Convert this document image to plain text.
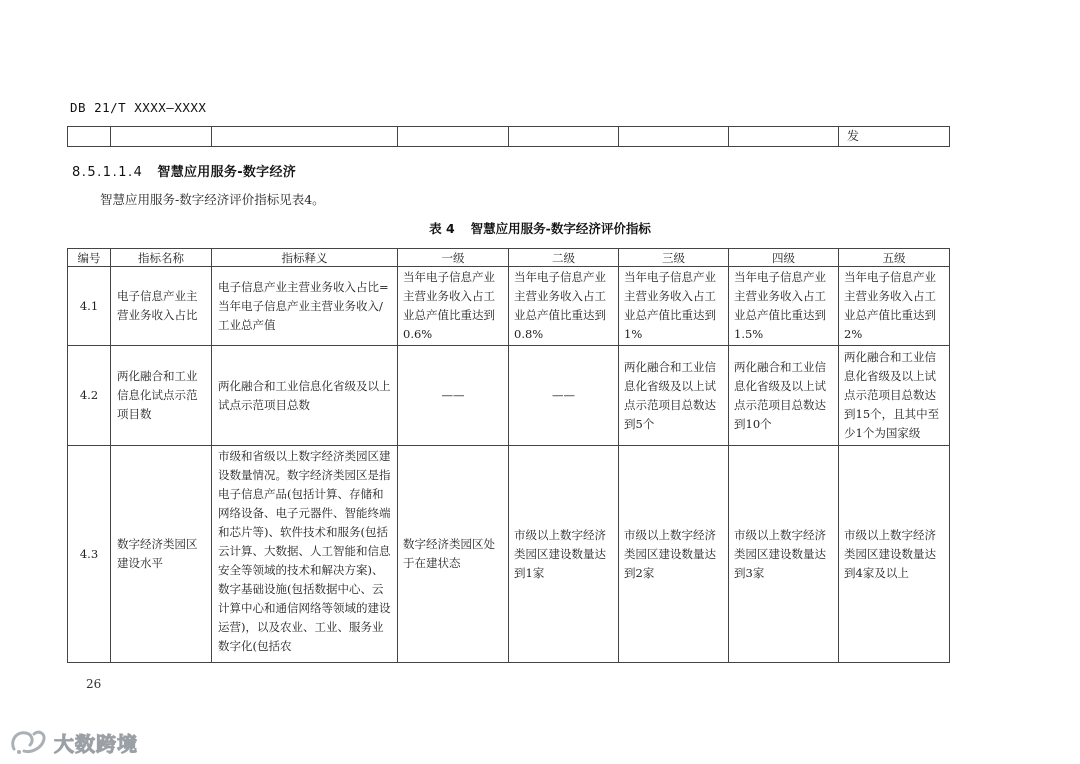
DB 21/T XXXX—XXXX
							发
8.5.1.1.4 智慧应用服务-数字经济
智慧应用服务-数字经济评价指标见表4。
表 4 智慧应用服务-数字经济评价指标
编号	指标名称	指标释义	一级	二级	三级	四级	五级
4.1	电子信息产业主营业务收入占比	电子信息产业主营业务收入占比=当年电子信息产业主营业务收入/工业总产值	当年电子信息产业主营业务收入占工业总产值比重达到0.6%	当年电子信息产业主营业务收入占工业总产值比重达到0.8%	当年电子信息产业主营业务收入占工业总产值比重达到1%	当年电子信息产业主营业务收入占工业总产值比重达到1.5%	当年电子信息产业主营业务收入占工业总产值比重达到2%
4.2	两化融合和工业信息化试点示范项目数	两化融合和工业信息化省级及以上试点示范项目总数	——	——	两化融合和工业信息化省级及以上试点示范项目总数达到5个	两化融合和工业信息化省级及以上试点示范项目总数达到10个	两化融合和工业信息化省级及以上试点示范项目总数达到15个，且其中至少1个为国家级
4.3	数字经济类园区建设水平	市级和省级以上数字经济类园区建设数量情况。数字经济类园区是指电子信息产品(包括计算、存储和网络设备、电子元器件、智能终端和芯片等)、软件技术和服务(包括云计算、大数据、人工智能和信息安全等领域的技术和解决方案)、数字基础设施(包括数据中心、云计算中心和通信网络等领域的建设运营)，以及农业、工业、服务业 数字化(包括农	数字经济类园区处于在建状态	市级以上数字经济类园区建设数量达到1家	市级以上数字经济类园区建设数量达到2家	市级以上数字经济类园区建设数量达到3家	市级以上数字经济类园区建设数量达到4家及以上
26
大数跨境
